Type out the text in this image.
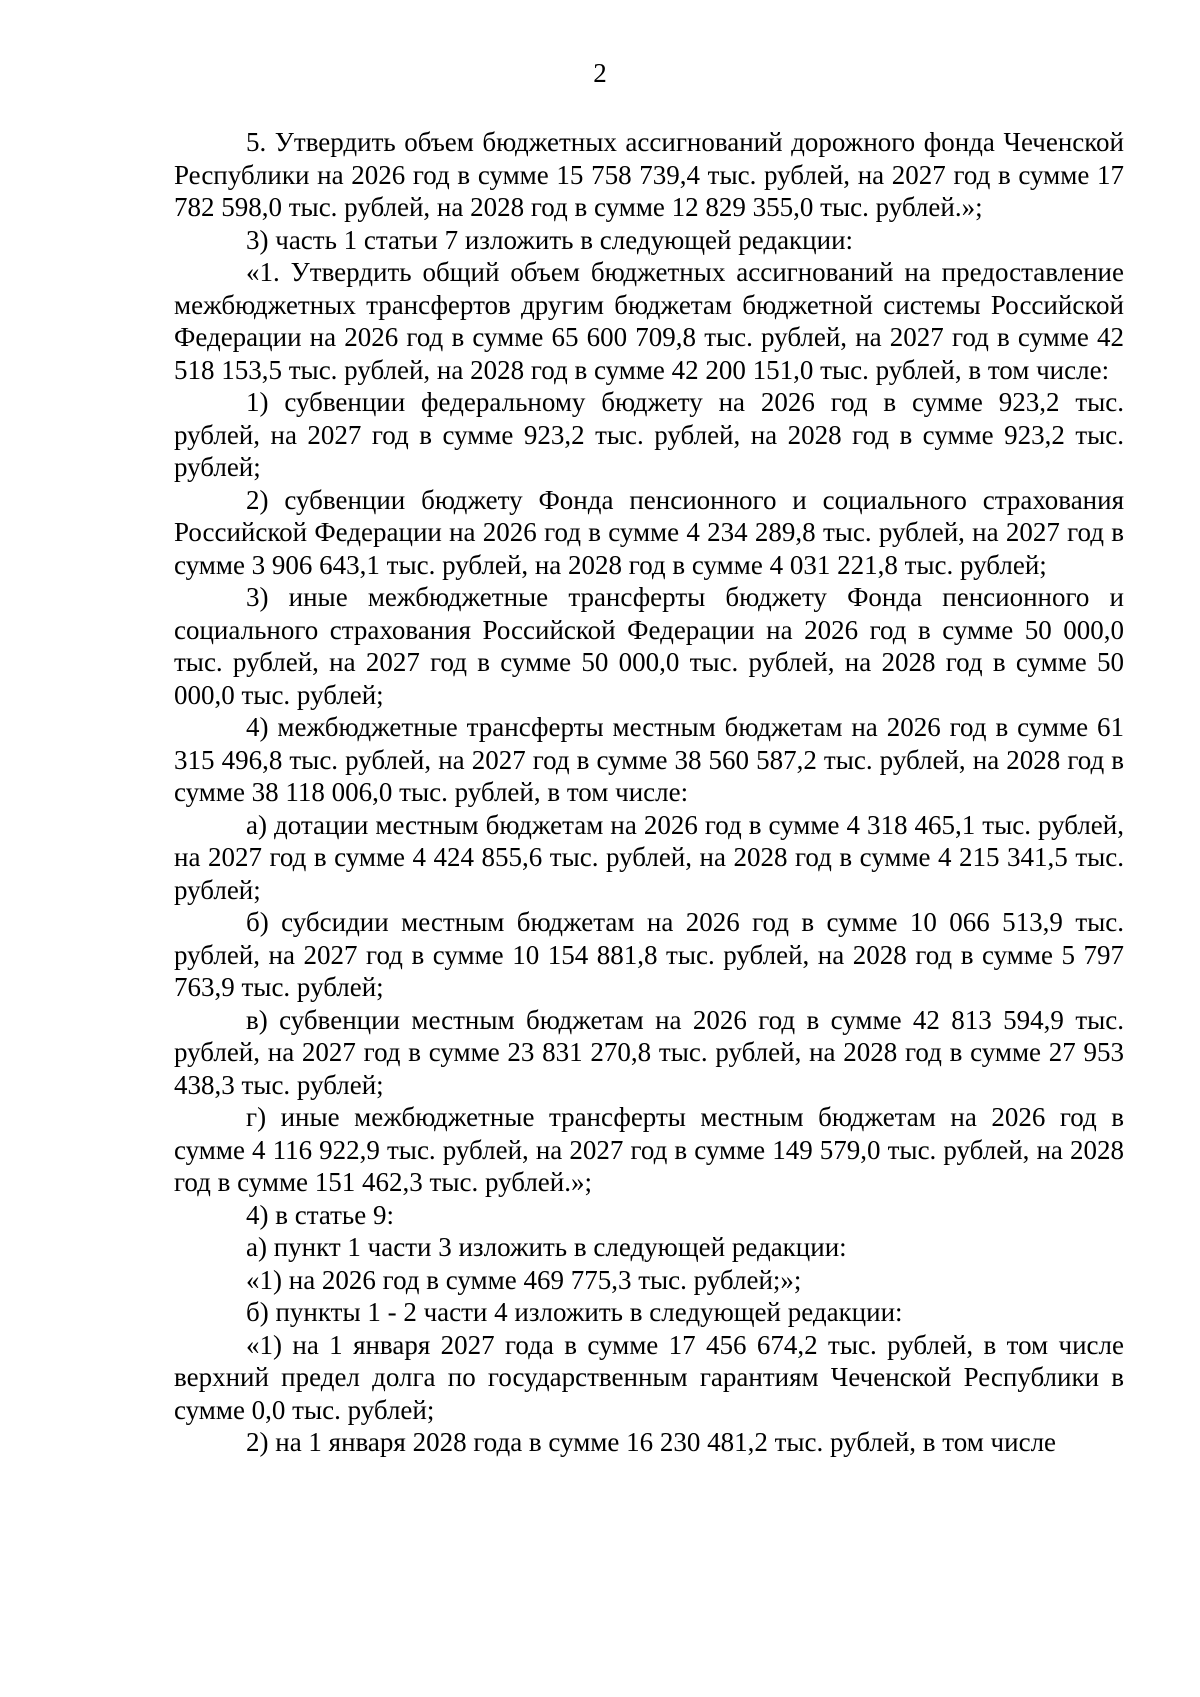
2

5. Утвердить объем бюджетных ассигнований дорожного фонда Чеченской Республики на 2026 год в сумме 15 758 739,4 тыс. рублей, на 2027 год в сумме 17 782 598,0 тыс. рублей, на 2028 год в сумме 12 829 355,0 тыс. рублей.»;

3) часть 1 статьи 7 изложить в следующей редакции:

«1. Утвердить общий объем бюджетных ассигнований на предоставление межбюджетных трансфертов другим бюджетам бюджетной системы Российской Федерации на 2026 год в сумме 65 600 709,8 тыс. рублей, на 2027 год в сумме 42 518 153,5 тыс. рублей, на 2028 год в сумме 42 200 151,0 тыс. рублей, в том числе:

1) субвенции федеральному бюджету на 2026 год в сумме 923,2 тыс. рублей, на 2027 год в сумме 923,2 тыс. рублей, на 2028 год в сумме 923,2 тыс. рублей;

2) субвенции бюджету Фонда пенсионного и социального страхования Российской Федерации на 2026 год в сумме 4 234 289,8 тыс. рублей, на 2027 год в сумме 3 906 643,1 тыс. рублей, на 2028 год в сумме 4 031 221,8 тыс. рублей;

3) иные межбюджетные трансферты бюджету Фонда пенсионного и социального страхования Российской Федерации на 2026 год в сумме 50 000,0 тыс. рублей, на 2027 год в сумме 50 000,0 тыс. рублей, на 2028 год в сумме 50 000,0 тыс. рублей;

4) межбюджетные трансферты местным бюджетам на 2026 год в сумме 61 315 496,8 тыс. рублей, на 2027 год в сумме 38 560 587,2 тыс. рублей, на 2028 год в сумме 38 118 006,0 тыс. рублей, в том числе:

а) дотации местным бюджетам на 2026 год в сумме 4 318 465,1 тыс. рублей, на 2027 год в сумме 4 424 855,6 тыс. рублей, на 2028 год в сумме 4 215 341,5 тыс. рублей;

б) субсидии местным бюджетам на 2026 год в сумме 10 066 513,9 тыс. рублей, на 2027 год в сумме 10 154 881,8 тыс. рублей, на 2028 год в сумме 5 797 763,9 тыс. рублей;

в) субвенции местным бюджетам на 2026 год в сумме 42 813 594,9 тыс. рублей, на 2027 год в сумме 23 831 270,8 тыс. рублей, на 2028 год в сумме 27 953 438,3 тыс. рублей;

г) иные межбюджетные трансферты местным бюджетам на 2026 год в сумме 4 116 922,9 тыс. рублей, на 2027 год в сумме 149 579,0 тыс. рублей, на 2028 год в сумме 151 462,3 тыс. рублей.»;

4) в статье 9:

а) пункт 1 части 3 изложить в следующей редакции:

«1) на 2026 год в сумме 469 775,3 тыс. рублей;»;

б) пункты 1 - 2 части 4 изложить в следующей редакции:

«1) на 1 января 2027 года в сумме 17 456 674,2 тыс. рублей, в том числе верхний предел долга по государственным гарантиям Чеченской Республики в сумме 0,0 тыс. рублей;

2) на 1 января 2028 года в сумме 16 230 481,2 тыс. рублей, в том числе
